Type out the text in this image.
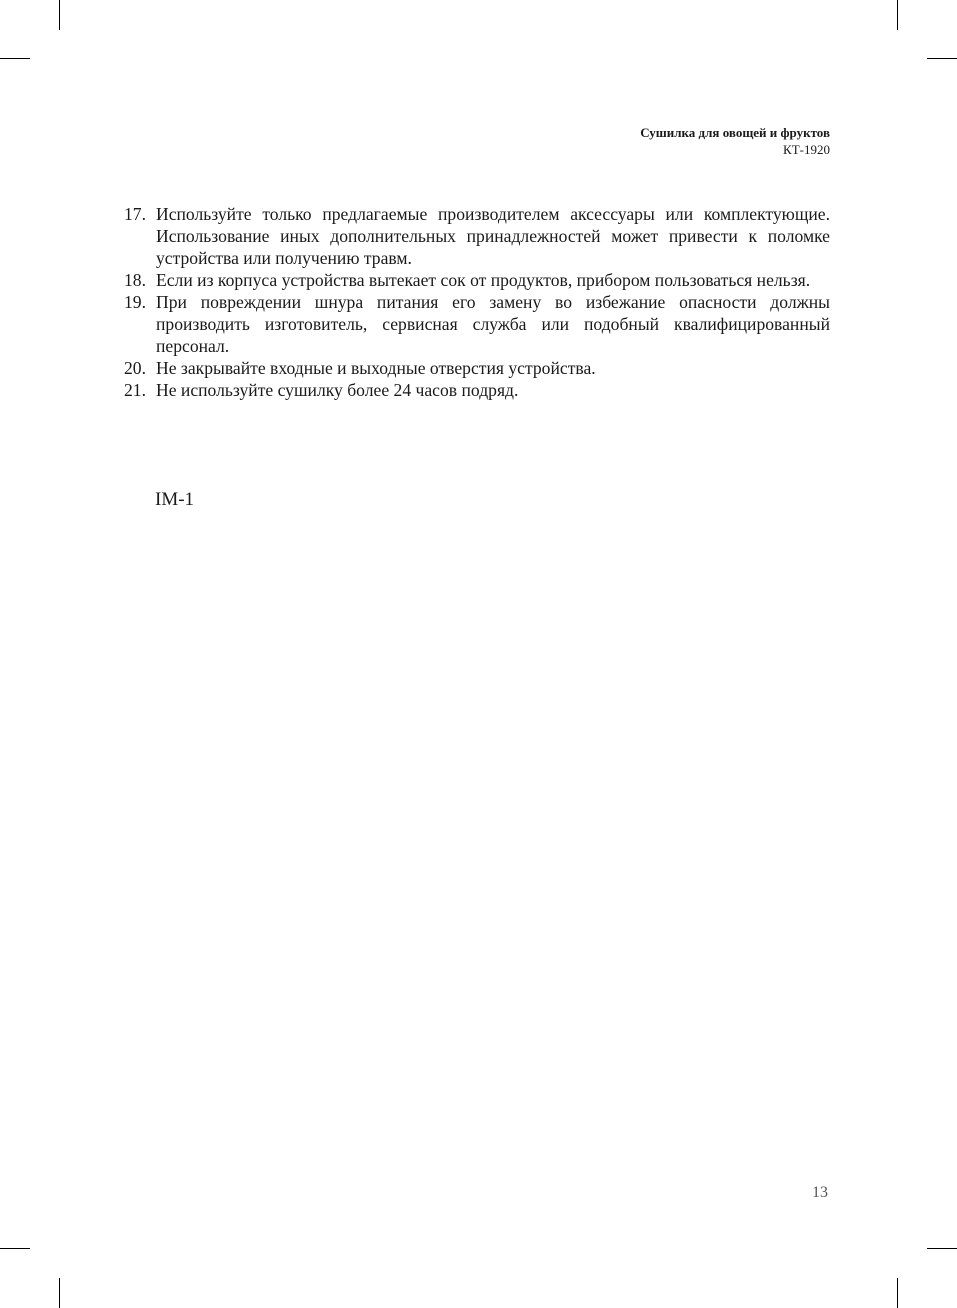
Сушилка для овощей и фруктов
КТ-1920
17. Используйте только предлагаемые производителем аксессуары или комплектующие. Использование иных дополнительных принадлежностей может привести к поломке устройства или получению травм.
18. Если из корпуса устройства вытекает сок от продуктов, прибором пользоваться нельзя.
19. При повреждении шнура питания его замену во избежание опасности должны производить изготовитель, сервисная служба или подобный квалифицированный персонал.
20. Не закрывайте входные и выходные отверстия устройства.
21. Не используйте сушилку более 24 часов подряд.
IM-1
13
